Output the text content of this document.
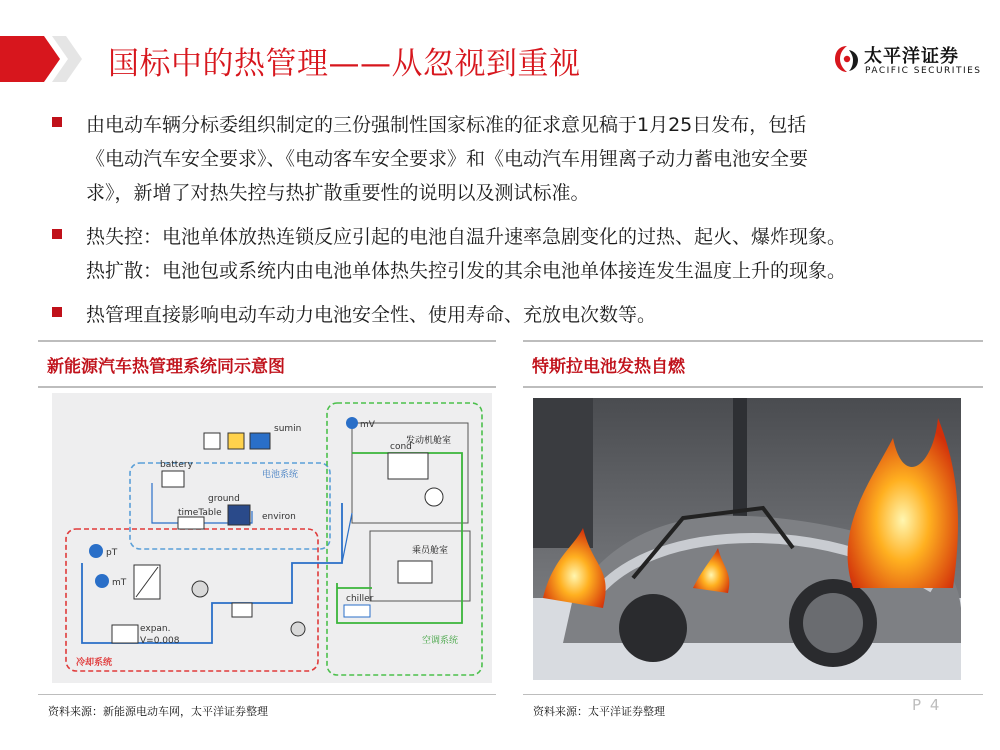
国标中的热管理——从忽视到重视	太平洋证券
PACIFIC SECURITIES

由电动车辆分标委组织制定的三份强制性国家标准的征求意见稿于1月25日发布，包括

《电动汽车安全要求》、《电动客车安全要求》和《电动汽车用锂离子动力蓄电池安全要

求》，新增了对热失控与热扩散重要性的说明以及测试标准。

热失控：电池单体放热连锁反应引起的电池自温升速率急剧变化的过热、起火、爆炸现象。

热扩散：电池包或系统内由电池单体热失控引发的其余电池单体接连发生温度上升的现象。

热管理直接影响电动车动力电池安全性、使用寿命、充放电次数等。

新能源汽车热管理系统同示意图
电池系统
冷却系统
空调系统
发动机舱室
乘员舱室
battery
ground
sumin
timeTable	environ
pT
mT
expan.
V=0.008
chiller
cond
mV
资料来源：新能源电动车网，太平洋证券整理
特斯拉电池发热自燃
资料来源：太平洋证券整理	P 4
